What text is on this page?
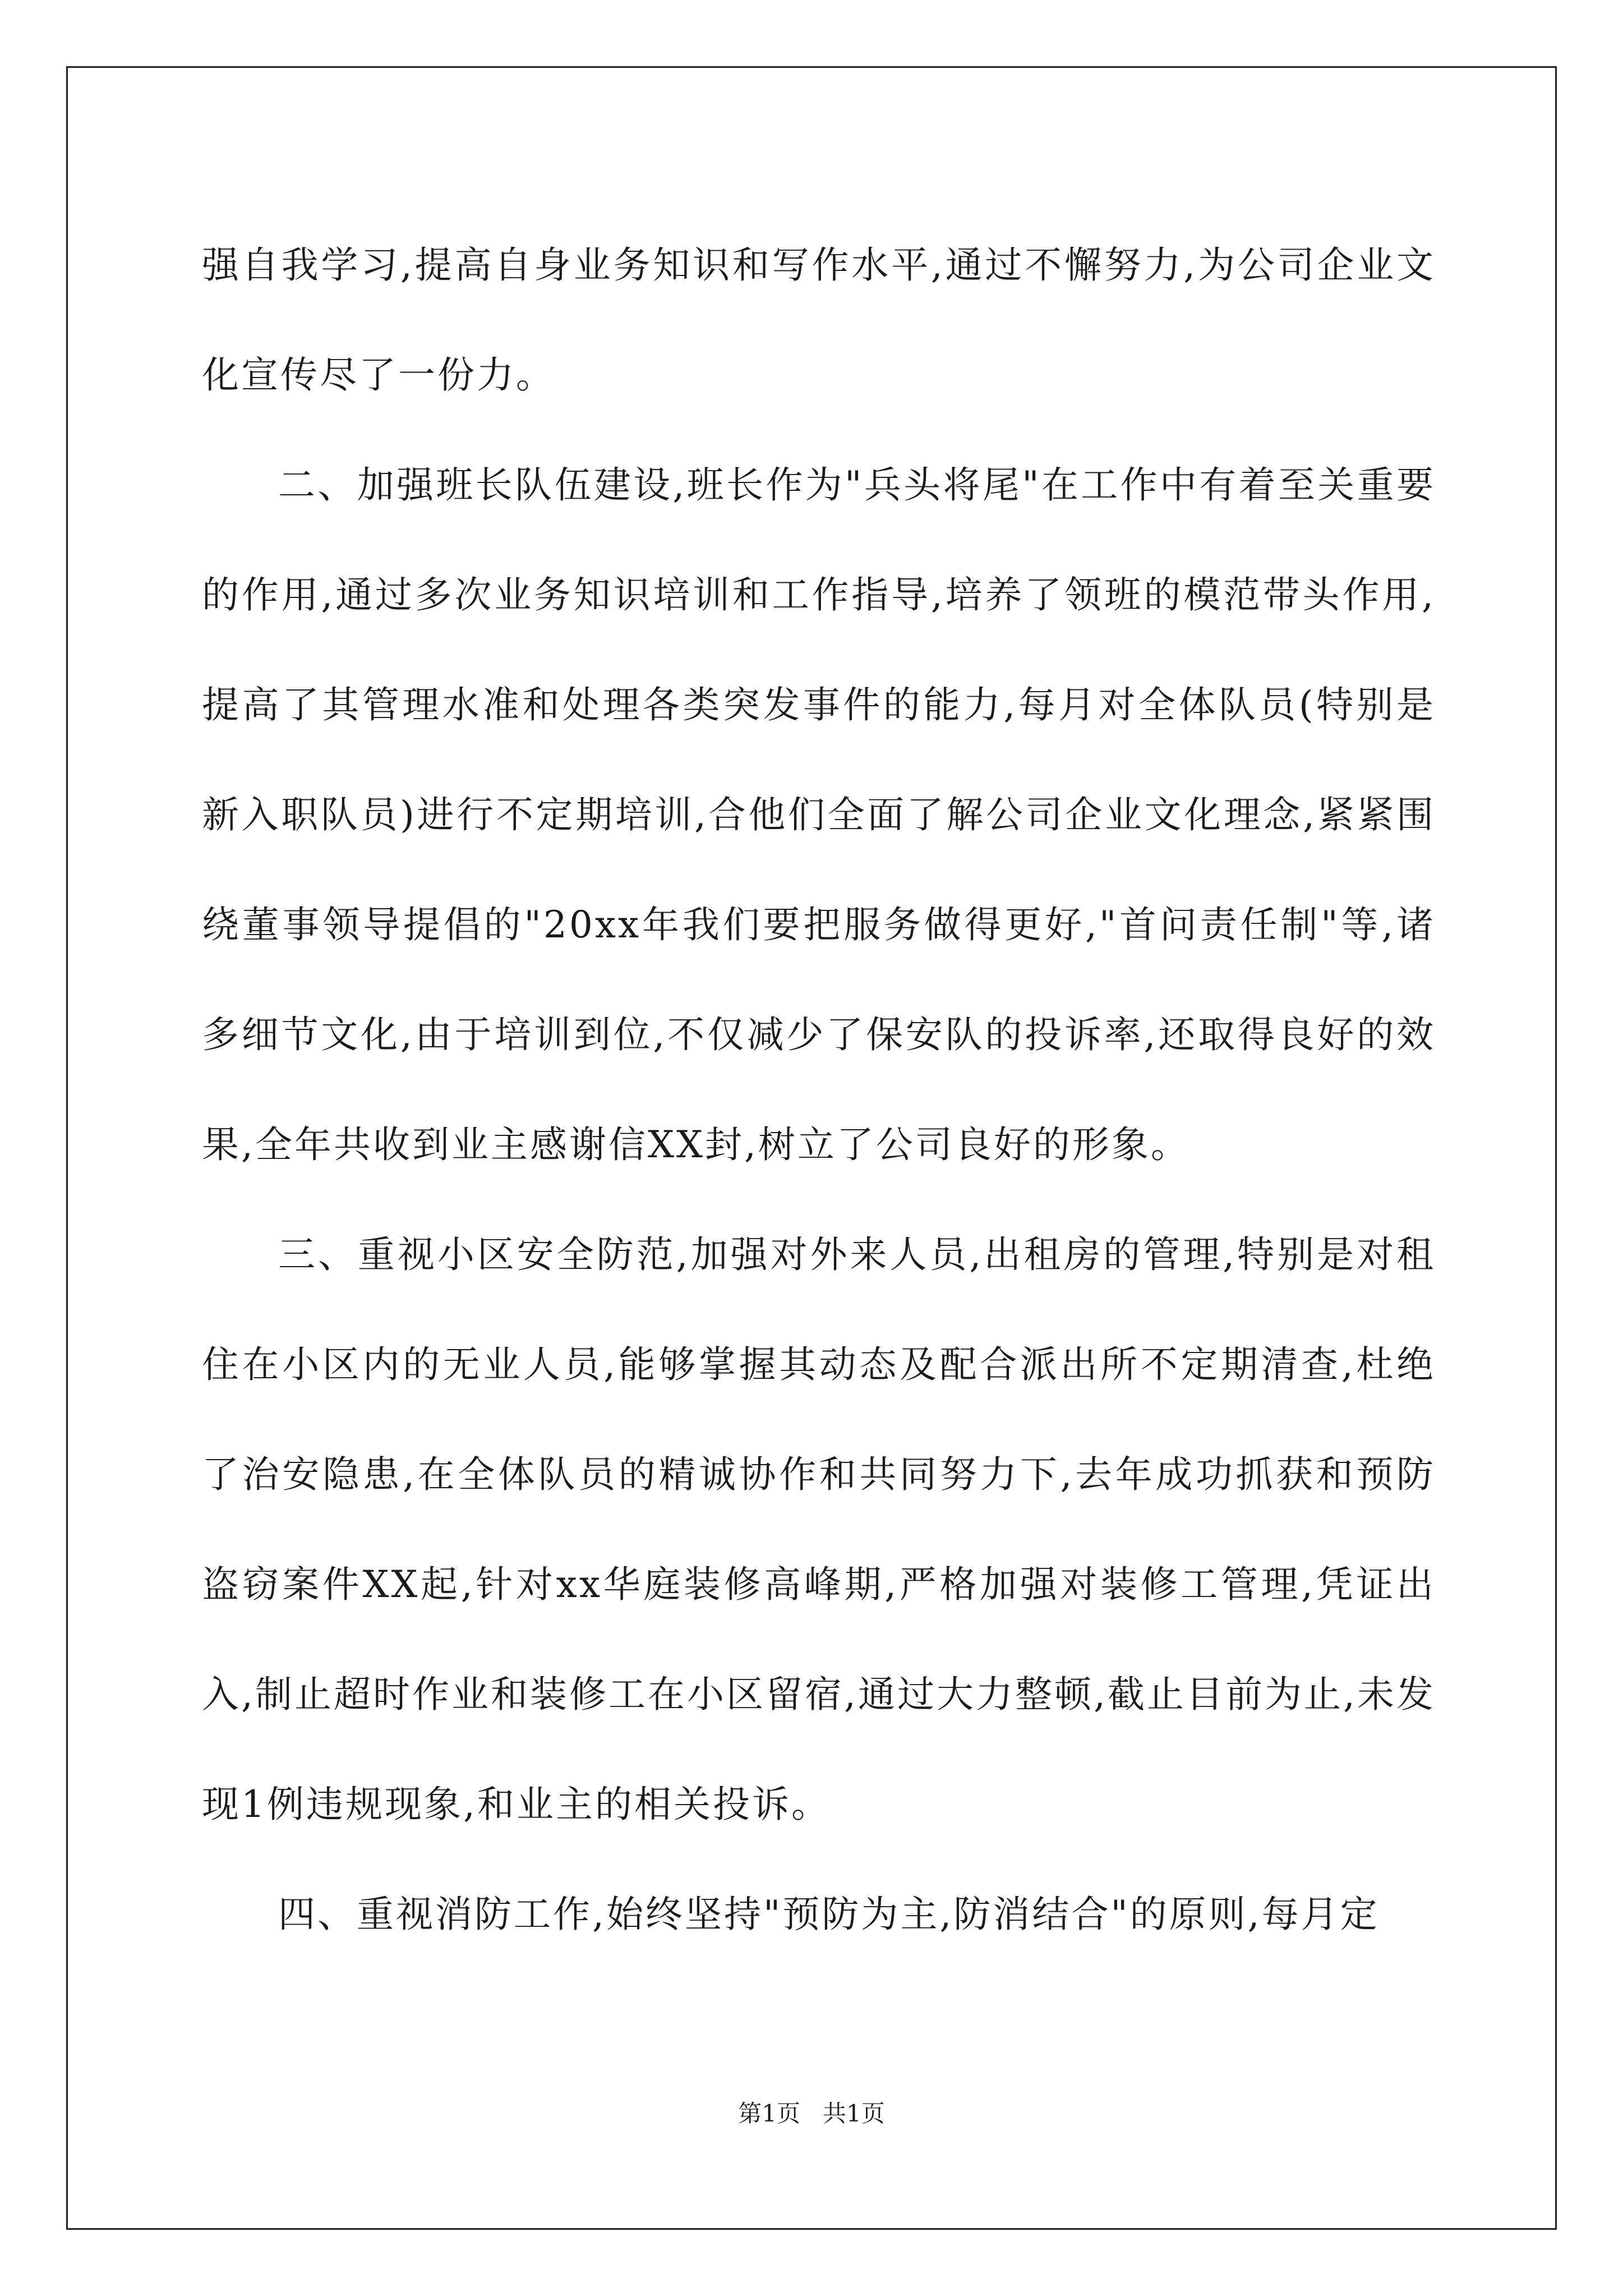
强自我学习,提高自身业务知识和写作水平,通过不懈努力,为公司企业文化宣传尽了一份力。

二、加强班长队伍建设,班长作为"兵头将尾"在工作中有着至关重要的作用,通过多次业务知识培训和工作指导,培养了领班的模范带头作用,提高了其管理水准和处理各类突发事件的能力,每月对全体队员(特别是新入职队员)进行不定期培训,合他们全面了解公司企业文化理念,紧紧围绕董事领导提倡的"20xx年我们要把服务做得更好,"首问责任制"等,诸多细节文化,由于培训到位,不仅减少了保安队的投诉率,还取得良好的效果,全年共收到业主感谢信XX封,树立了公司良好的形象。

三、重视小区安全防范,加强对外来人员,出租房的管理,特别是对租住在小区内的无业人员,能够掌握其动态及配合派出所不定期清查,杜绝了治安隐患,在全体队员的精诚协作和共同努力下,去年成功抓获和预防盗窃案件XX起,针对xx华庭装修高峰期,严格加强对装修工管理,凭证出入,制止超时作业和装修工在小区留宿,通过大力整顿,截止目前为止,未发现1例违规现象,和业主的相关投诉。

四、重视消防工作,始终坚持"预防为主,防消结合"的原则,每月定

第1页   共1页
